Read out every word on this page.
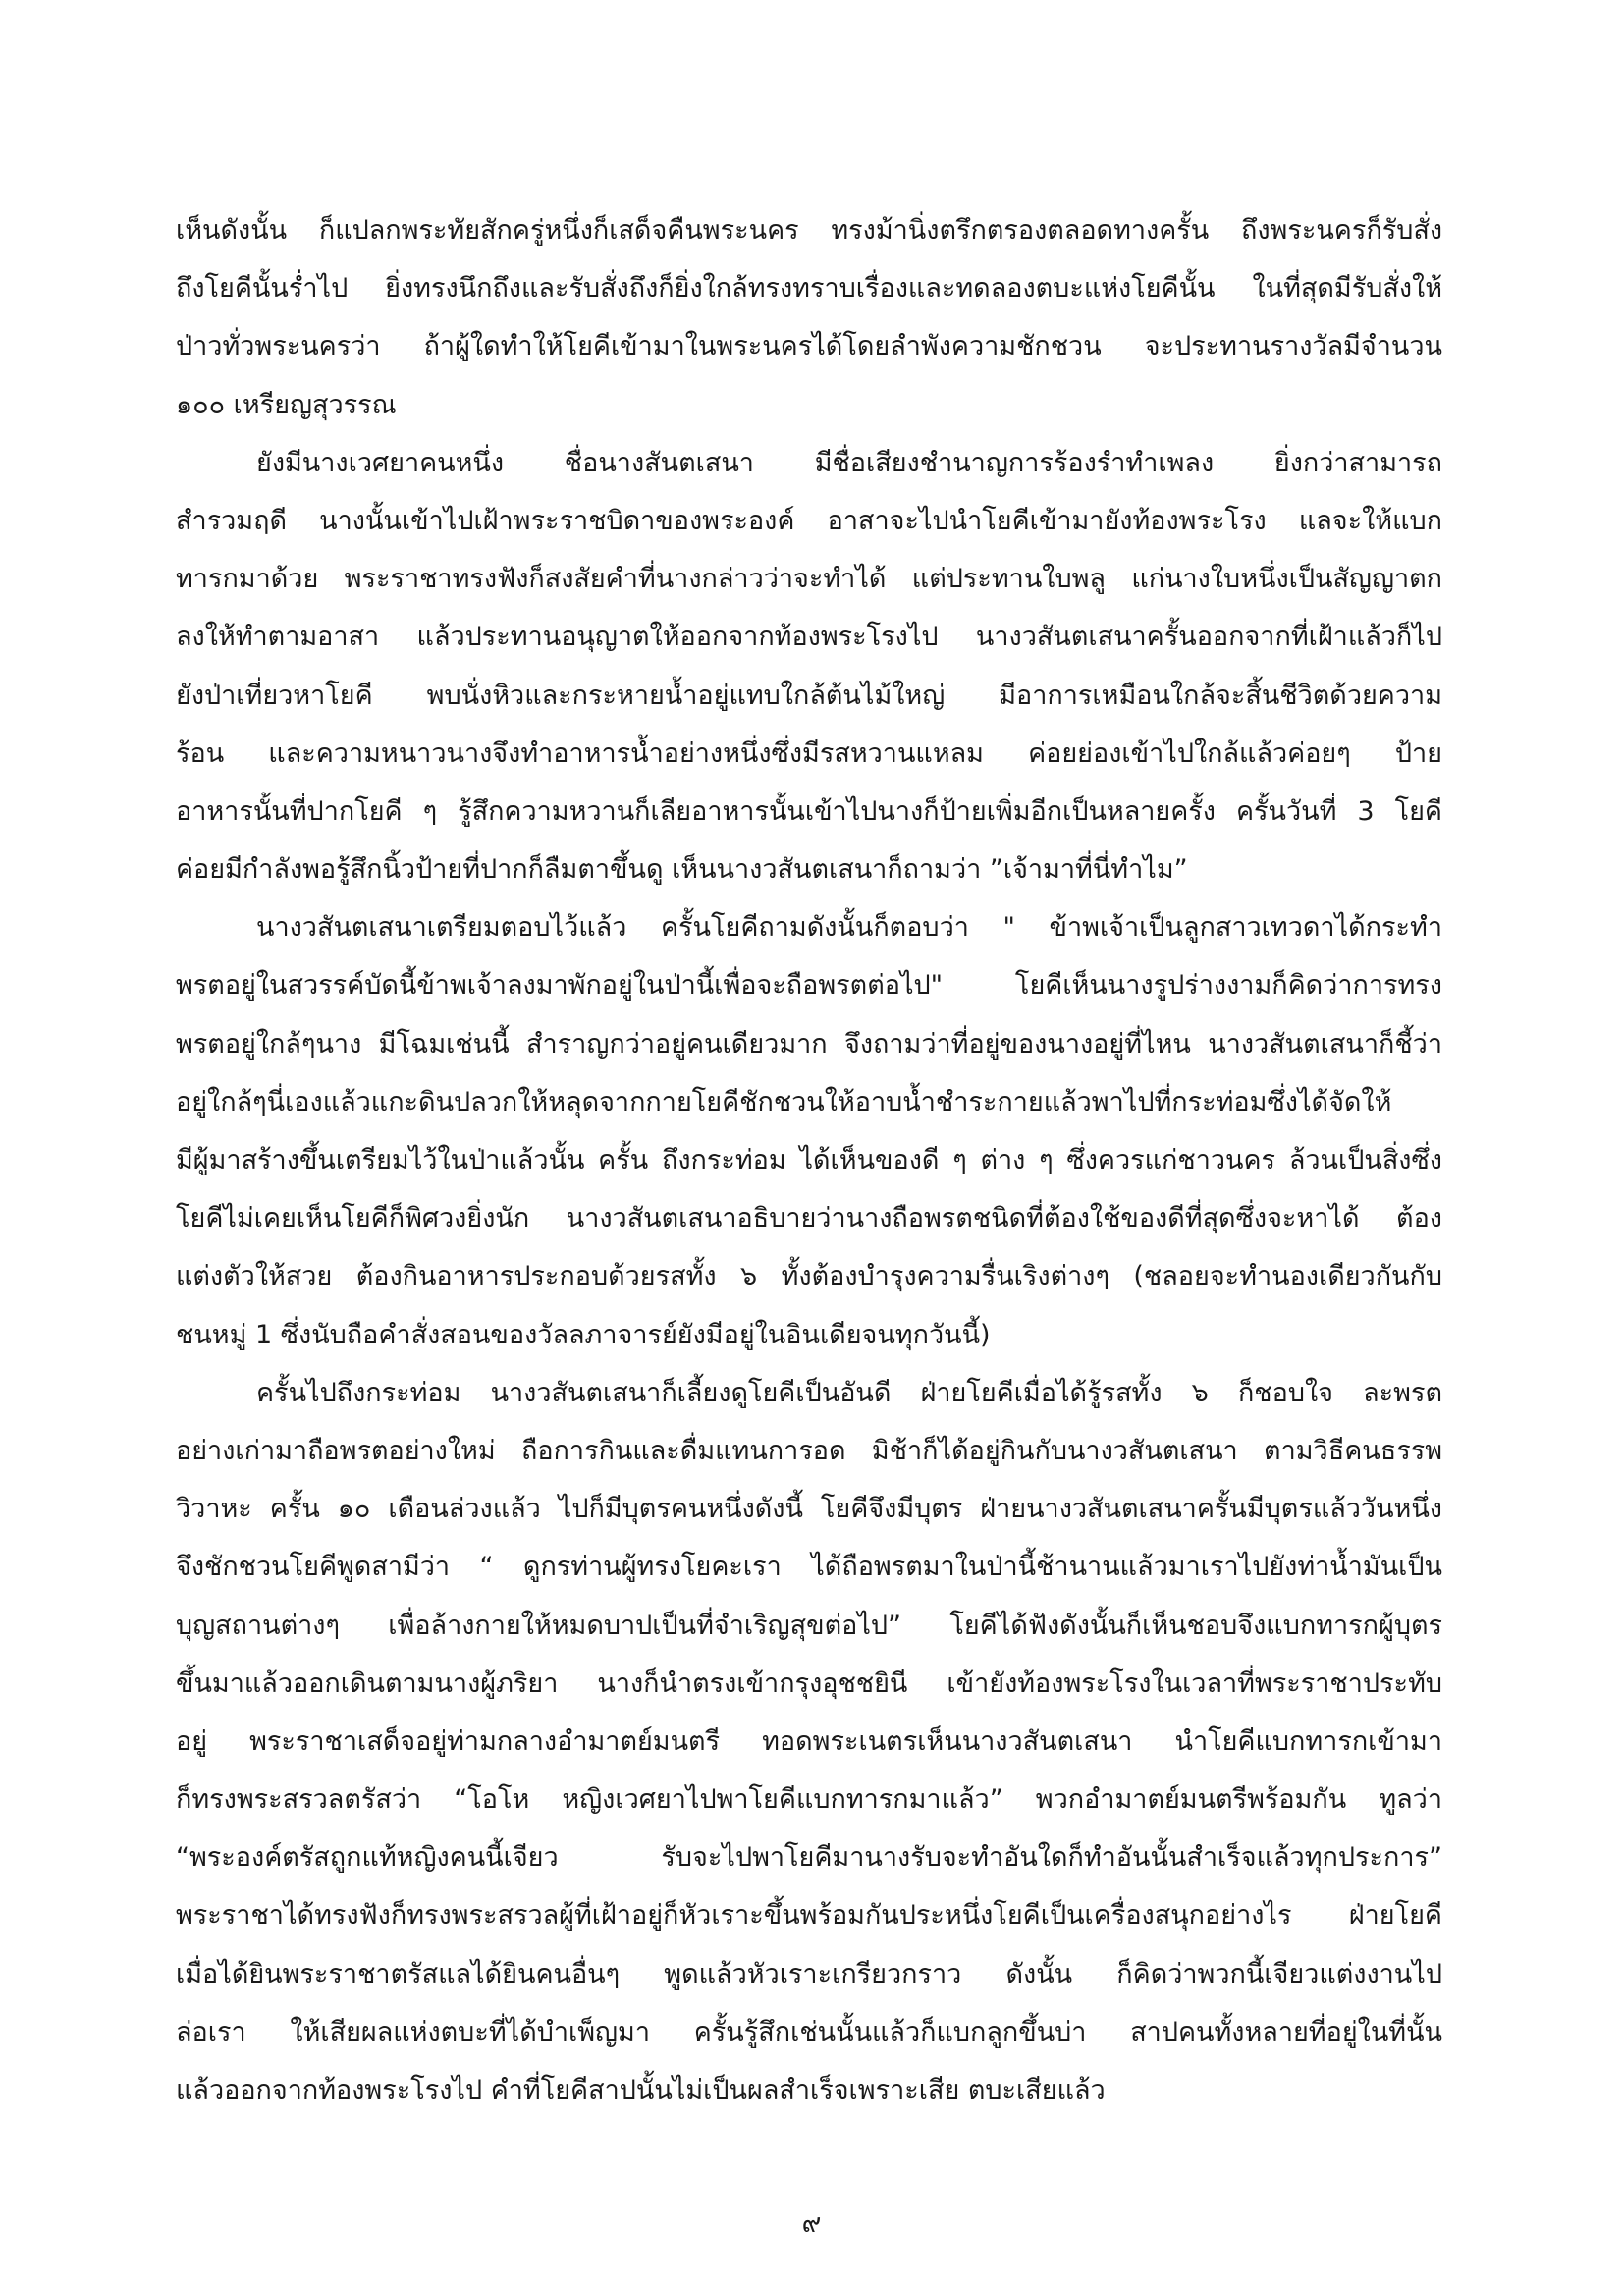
เห็นดังนั้น ก็แปลกพระทัยสักครู่หนึ่งก็เสด็จคืนพระนคร ทรงม้านิ่งตรึกตรองตลอดทางครั้น ถึงพระนครก็รับสั่ง
ถึงโยคีนั้นร่ำไป ยิ่งทรงนึกถึงและรับสั่งถึงก็ยิ่งใกล้ทรงทราบเรื่องและทดลองตบะแห่งโยคีนั้น ในที่สุดมีรับสั่งให้
ป่าวทั่วพระนครว่า ถ้าผู้ใดทำให้โยคีเข้ามาในพระนครได้โดยลำพังความชักชวน จะประทานรางวัลมีจำนวน
๑๐๐ เหรียญสุวรรณ
ยังมีนางเวศยาคนหนึ่ง ชื่อนางสันตเสนา มีชื่อเสียงชำนาญการร้องรำทำเพลง ยิ่งกว่าสามารถ
สำรวมฤดี นางนั้นเข้าไปเฝ้าพระราชบิดาของพระองค์ อาสาจะไปนำโยคีเข้ามายังท้องพระโรง แลจะให้แบก
ทารกมาด้วย พระราชาทรงฟังก็สงสัยคำที่นางกล่าวว่าจะทำได้ แต่ประทานใบพลู แก่นางใบหนึ่งเป็นสัญญาตก
ลงให้ทำตามอาสา แล้วประทานอนุญาตให้ออกจากท้องพระโรงไป นางวสันตเสนาครั้นออกจากที่เฝ้าแล้วก็ไป
ยังป่าเที่ยวหาโยคี พบนั่งหิวและกระหายน้ำอยู่แทบใกล้ต้นไม้ใหญ่ มีอาการเหมือนใกล้จะสิ้นชีวิตด้วยความ
ร้อน และความหนาวนางจึงทำอาหารน้ำอย่างหนึ่งซึ่งมีรสหวานแหลม ค่อยย่องเข้าไปใกล้แล้วค่อยๆ ป้าย
อาหารนั้นที่ปากโยคี ๆ รู้สึกความหวานก็เลียอาหารนั้นเข้าไปนางก็ป้ายเพิ่มอีกเป็นหลายครั้ง ครั้นวันที่ 3 โยคี
ค่อยมีกำลังพอรู้สึกนิ้วป้ายที่ปากก็ลืมตาขึ้นดู เห็นนางวสันตเสนาก็ถามว่า ”เจ้ามาที่นี่ทำไม”
นางวสันตเสนาเตรียมตอบไว้แล้ว ครั้นโยคีถามดังนั้นก็ตอบว่า " ข้าพเจ้าเป็นลูกสาวเทวดาได้กระทำ
พรตอยู่ในสวรรค์บัดนี้ข้าพเจ้าลงมาพักอยู่ในป่านี้เพื่อจะถือพรตต่อไป" โยคีเห็นนางรูปร่างงามก็คิดว่าการทรง
พรตอยู่ใกล้ๆนาง มีโฉมเช่นนี้ สำราญกว่าอยู่คนเดียวมาก จึงถามว่าที่อยู่ของนางอยู่ที่ไหน นางวสันตเสนาก็ชี้ว่า
อยู่ใกล้ๆนี่เองแล้วแกะดินปลวกให้หลุดจากกายโยคีชักชวนให้อาบน้ำชำระกายแล้วพาไปที่กระท่อมซึ่งได้จัดให้
มีผู้มาสร้างขึ้นเตรียมไว้ในป่าแล้วนั้น ครั้น ถึงกระท่อม ได้เห็นของดี ๆ ต่าง ๆ ซึ่งควรแก่ชาวนคร ล้วนเป็นสิ่งซึ่ง
โยคีไม่เคยเห็นโยคีก็พิศวงยิ่งนัก นางวสันตเสนาอธิบายว่านางถือพรตชนิดที่ต้องใช้ของดีที่สุดซึ่งจะหาได้ ต้อง
แต่งตัวให้สวย ต้องกินอาหารประกอบด้วยรสทั้ง ๖ ทั้งต้องบำรุงความรื่นเริงต่างๆ (ชลอยจะทำนองเดียวกันกับ
ชนหมู่ 1 ซึ่งนับถือคำสั่งสอนของวัลลภาจารย์ยังมีอยู่ในอินเดียจนทุกวันนี้)
ครั้นไปถึงกระท่อม นางวสันตเสนาก็เลี้ยงดูโยคีเป็นอันดี ฝ่ายโยคีเมื่อได้รู้รสทั้ง ๖ ก็ชอบใจ ละพรต
อย่างเก่ามาถือพรตอย่างใหม่ ถือการกินและดื่มแทนการอด มิช้าก็ได้อยู่กินกับนางวสันตเสนา ตามวิธีคนธรรพ
วิวาหะ ครั้น ๑๐ เดือนล่วงแล้ว ไปก็มีบุตรคนหนึ่งดังนี้ โยคีจึงมีบุตร ฝ่ายนางวสันตเสนาครั้นมีบุตรแล้ววันหนึ่ง
จึงชักชวนโยคีพูดสามีว่า “ ดูกรท่านผู้ทรงโยคะเรา ได้ถือพรตมาในป่านี้ช้านานแล้วมาเราไปยังท่าน้ำมันเป็น
บุญสถานต่างๆ เพื่อล้างกายให้หมดบาปเป็นที่จำเริญสุขต่อไป” โยคีได้ฟังดังนั้นก็เห็นชอบจึงแบกทารกผู้บุตร
ขึ้นมาแล้วออกเดินตามนางผู้ภริยา นางก็นำตรงเข้ากรุงอุชชยินี เข้ายังท้องพระโรงในเวลาที่พระราชาประทับ
อยู่ พระราชาเสด็จอยู่ท่ามกลางอำมาตย์มนตรี ทอดพระเนตรเห็นนางวสันตเสนา นำโยคีแบกทารกเข้ามา
ก็ทรงพระสรวลตรัสว่า “โอโห หญิงเวศยาไปพาโยคีแบกทารกมาแล้ว” พวกอำมาตย์มนตรีพร้อมกัน ทูลว่า
“พระองค์ตรัสถูกแท้หญิงคนนี้เจียว รับจะไปพาโยคีมานางรับจะทำอันใดก็ทำอันนั้นสำเร็จแล้วทุกประการ”
พระราชาได้ทรงฟังก็ทรงพระสรวลผู้ที่เฝ้าอยู่ก็หัวเราะขึ้นพร้อมกันประหนึ่งโยคีเป็นเครื่องสนุกอย่างไร ฝ่ายโยคี
เมื่อได้ยินพระราชาตรัสแลได้ยินคนอื่นๆ พูดแล้วหัวเราะเกรียวกราว ดังนั้น ก็คิดว่าพวกนี้เจียวแต่งงานไป
ล่อเรา ให้เสียผลแห่งตบะที่ได้บำเพ็ญมา ครั้นรู้สึกเช่นนั้นแล้วก็แบกลูกขึ้นบ่า สาปคนทั้งหลายที่อยู่ในที่นั้น
แล้วออกจากท้องพระโรงไป คำที่โยคีสาปนั้นไม่เป็นผลสำเร็จเพราะเสีย ตบะเสียแล้ว
๙
